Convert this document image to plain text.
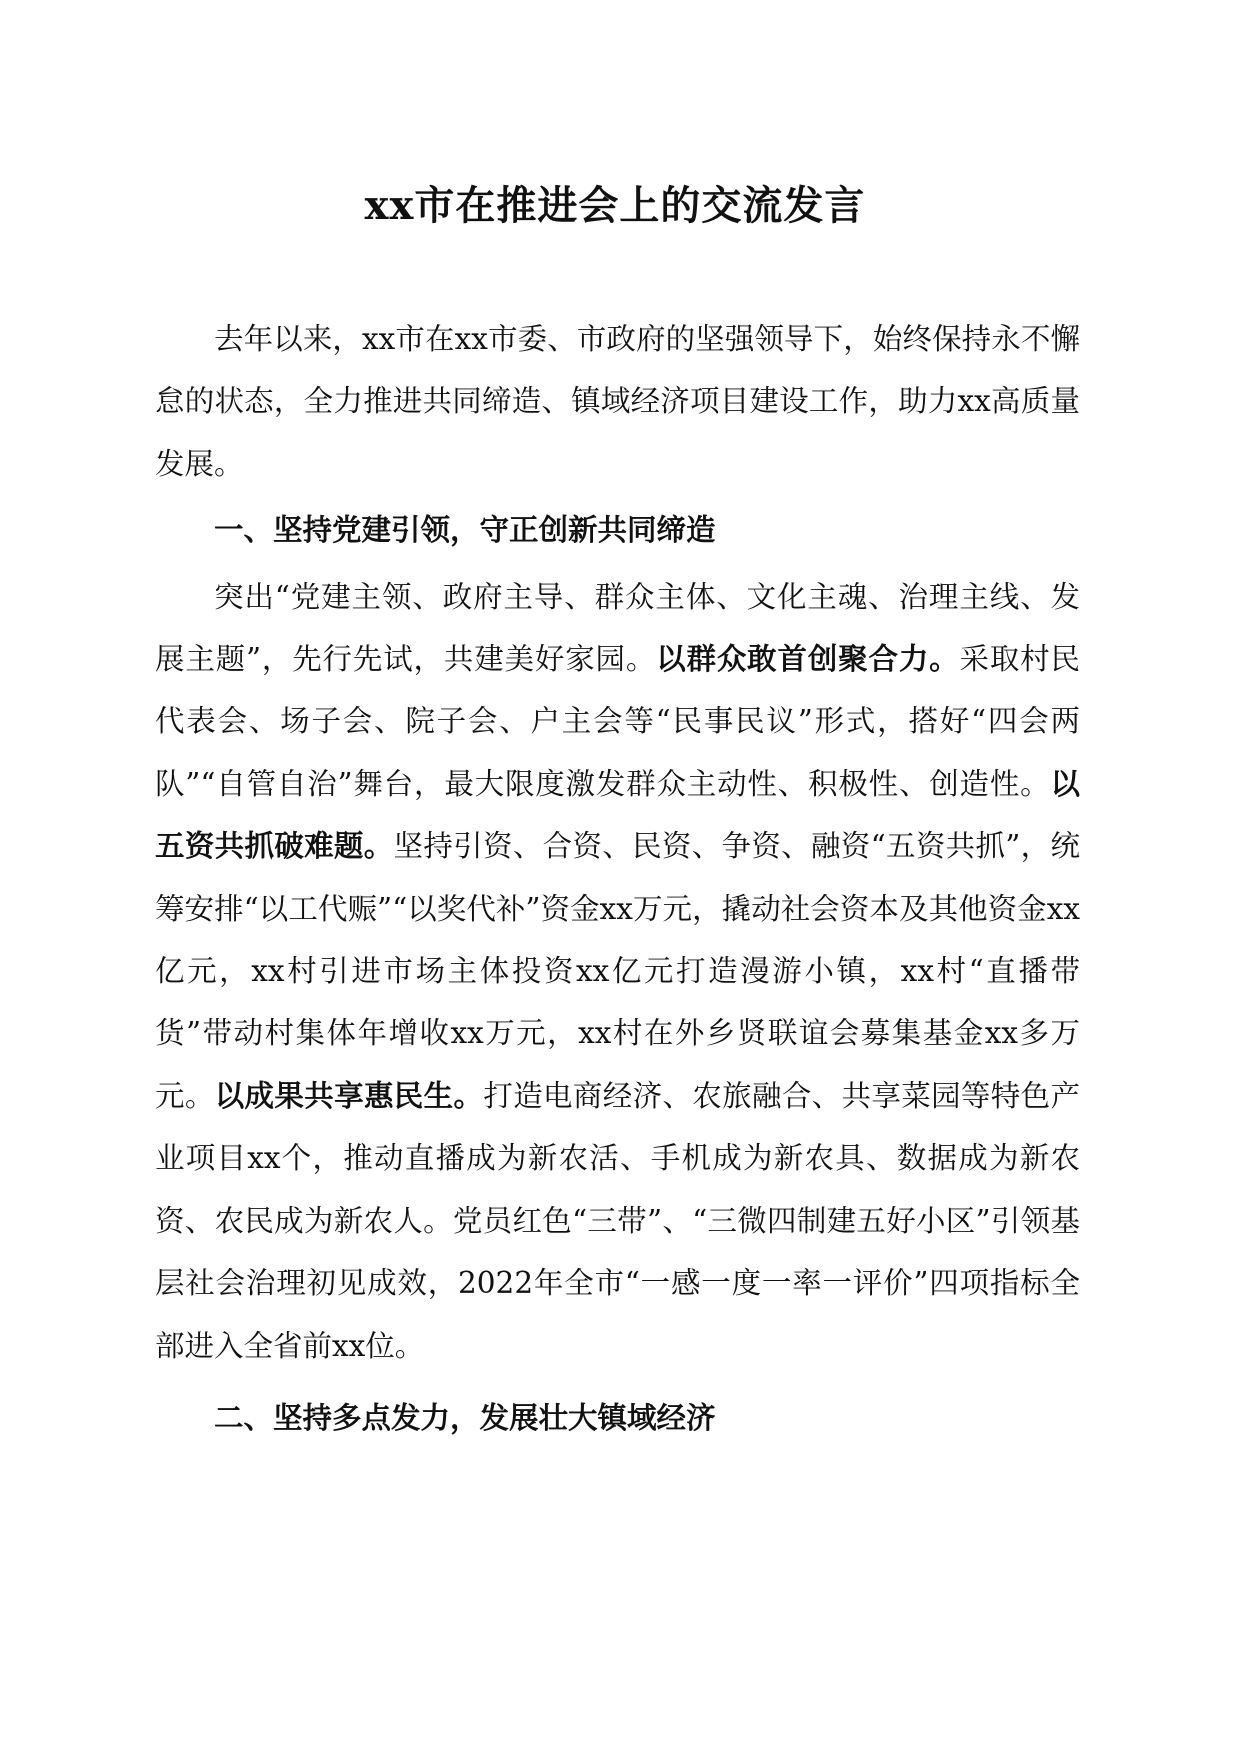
xx市在推进会上的交流发言

去年以来，xx市在xx市委、市政府的坚强领导下，始终保持永不懈怠的状态，全力推进共同缔造、镇域经济项目建设工作，助力xx高质量发展。

一、坚持党建引领，守正创新共同缔造

突出“党建主领、政府主导、群众主体、文化主魂、治理主线、发展主题”，先行先试，共建美好家园。以群众敢首创聚合力。采取村民代表会、场子会、院子会、户主会等“民事民议”形式，搭好“四会两队”“自管自治”舞台，最大限度激发群众主动性、积极性、创造性。以五资共抓破难题。坚持引资、合资、民资、争资、融资“五资共抓”，统筹安排“以工代赈”“以奖代补”资金xx万元，撬动社会资本及其他资金xx亿元，xx村引进市场主体投资xx亿元打造漫游小镇，xx村“直播带货”带动村集体年增收xx万元，xx村在外乡贤联谊会募集基金xx多万元。以成果共享惠民生。打造电商经济、农旅融合、共享菜园等特色产业项目xx个，推动直播成为新农活、手机成为新农具、数据成为新农资、农民成为新农人。党员红色“三带”、“三微四制建五好小区”引领基层社会治理初见成效，2022年全市“一感一度一率一评价”四项指标全部进入全省前xx位。

二、坚持多点发力，发展壮大镇域经济
